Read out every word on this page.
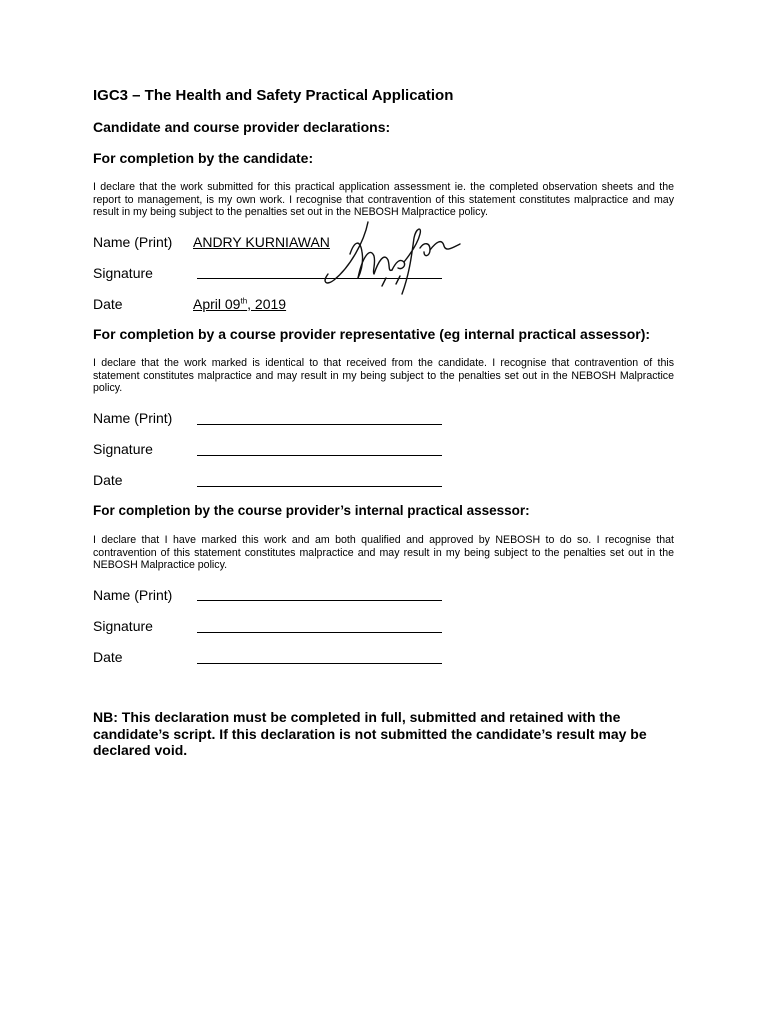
IGC3 – The Health and Safety Practical Application
Candidate and course provider declarations:
For completion by the candidate:
I declare that the work submitted for this practical application assessment ie. the completed observation sheets and the report to management, is my own work. I recognise that contravention of this statement constitutes malpractice and may result in my being subject to the penalties set out in the NEBOSH Malpractice policy.
Name (Print) ANDRY KURNIAWAN
Signature
Date	April 09th, 2019
For completion by a course provider representative (eg internal practical assessor):
I declare that the work marked is identical to that received from the candidate. I recognise that contravention of this statement constitutes malpractice and may result in my being subject to the penalties set out in the NEBOSH Malpractice policy.
Name (Print)
Signature
Date
For completion by the course provider’s internal practical assessor:
I declare that I have marked this work and am both qualified and approved by NEBOSH to do so. I recognise that contravention of this statement constitutes malpractice and may result in my being subject to the penalties set out in the NEBOSH Malpractice policy.
Name (Print)
Signature
Date
NB: This declaration must be completed in full, submitted and retained with the candidate’s script. If this declaration is not submitted the candidate’s result may be declared void.
